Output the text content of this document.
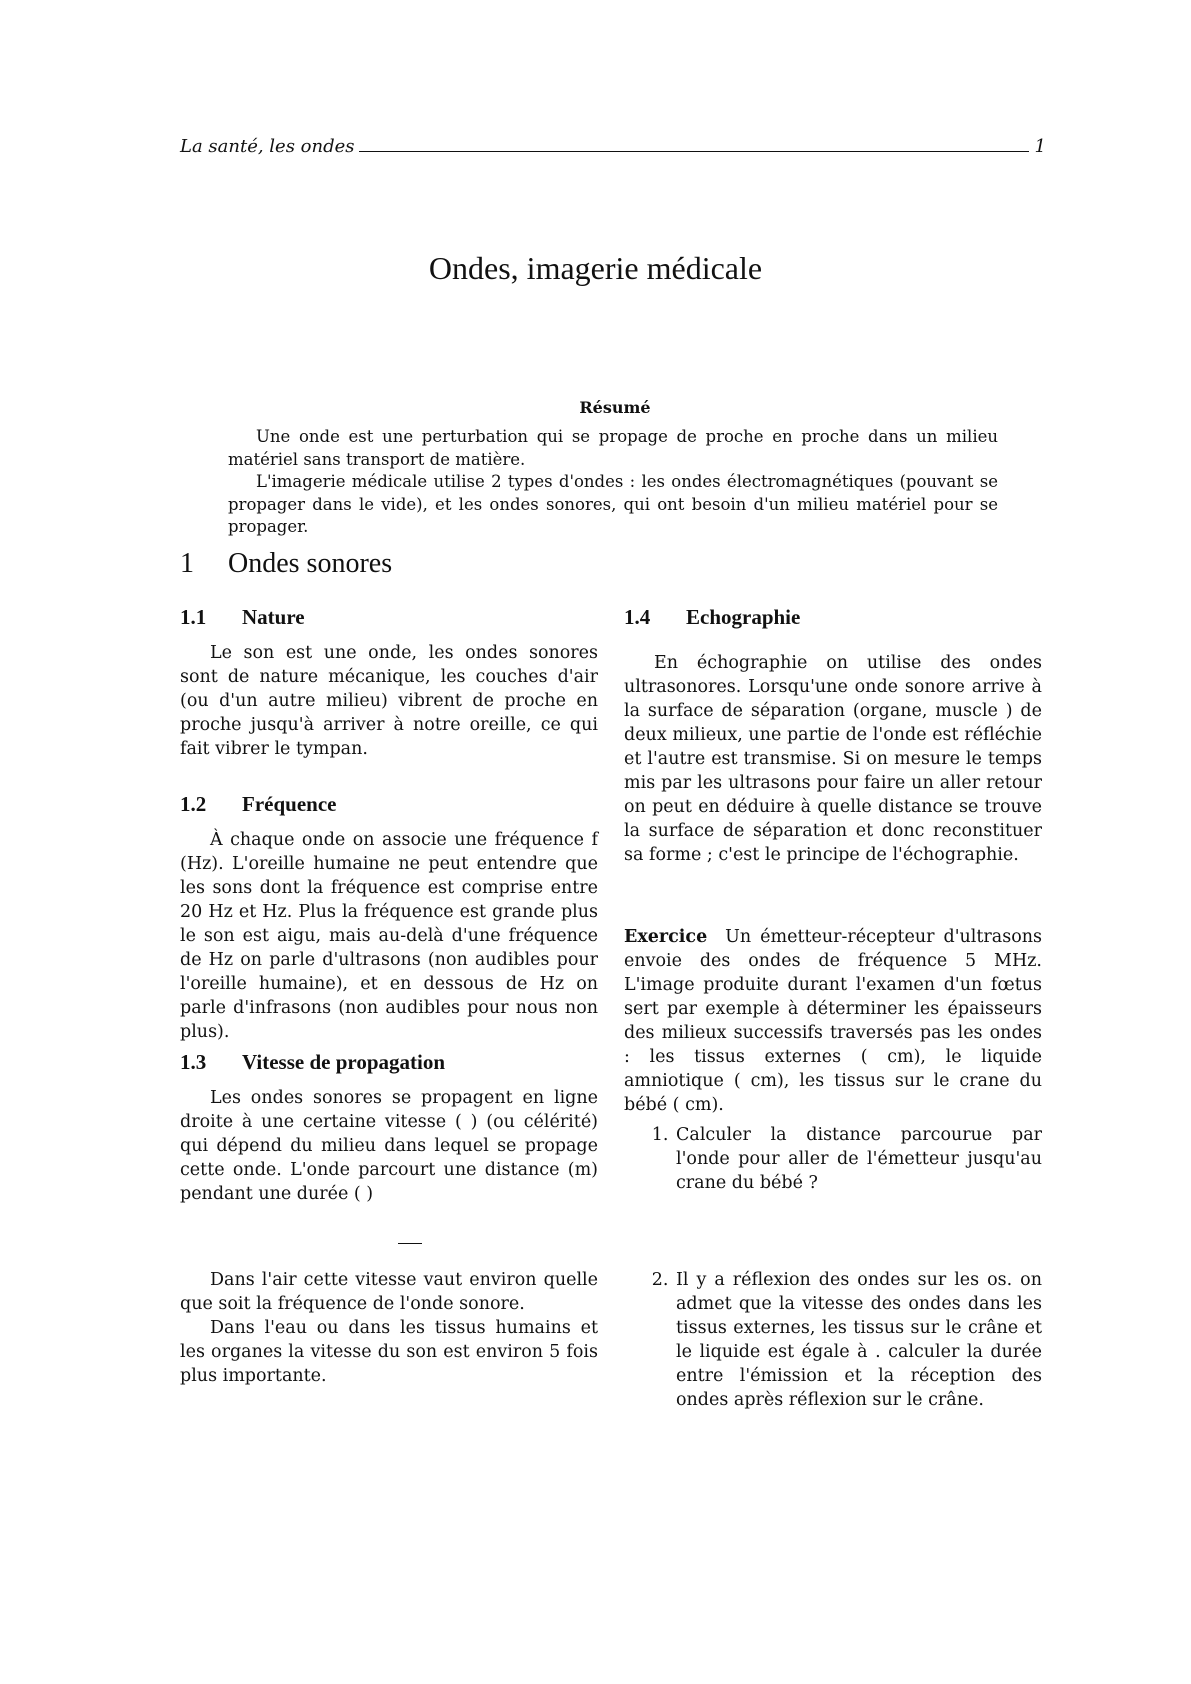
La santé, les ondes	1
Ondes, imagerie médicale
Résumé

Une onde est une perturbation qui se propage de proche en proche dans un milieu matériel sans transport de matière.

L'imagerie médicale utilise 2 types d'ondes : les ondes électromagnétiques (pouvant se propager dans le vide), et les ondes sonores, qui ont besoin d'un milieu matériel pour se propager.

1 Ondes sonores
1.1 Nature

Le son est une onde, les ondes sonores sont de nature mécanique, les couches d'air (ou d'un autre milieu) vibrent de proche en proche jusqu'à arriver à notre oreille, ce qui fait vibrer le tympan.

1.2 Fréquence

À chaque onde on associe une fréquence f (Hz). L'oreille humaine ne peut entendre que les sons dont la fréquence est comprise entre 20 Hz et Hz. Plus la fréquence est grande plus le son est aigu, mais au-delà d'une fréquence de Hz on parle d'ultrasons (non audibles pour l'oreille humaine), et en dessous de Hz on parle d'infrasons (non audibles pour nous non plus).

1.3 Vitesse de propagation

Les ondes sonores se propagent en ligne droite à une certaine vitesse ( ) (ou célérité) qui dépend du milieu dans lequel se propage cette onde. L'onde parcourt une distance (m) pendant une durée ( )

Dans l'air cette vitesse vaut environ quelle que soit la fréquence de l'onde sonore.

Dans l'eau ou dans les tissus humains et les organes la vitesse du son est environ 5 fois plus importante.

1.4 Echographie

En échographie on utilise des ondes ultrasonores. Lorsqu'une onde sonore arrive à la surface de séparation (organe, muscle ) de deux milieux, une partie de l'onde est réfléchie et l'autre est transmise. Si on mesure le temps mis par les ultrasons pour faire un aller retour on peut en déduire à quelle distance se trouve la surface de séparation et donc reconstituer sa forme ; c'est le principe de l'échographie.

Exercice Un émetteur-récepteur d'ultrasons envoie des ondes de fréquence 5 MHz. L'image produite durant l'examen d'un fœtus sert par exemple à déterminer les épaisseurs des milieux successifs traversés pas les ondes : les tissus externes ( cm), le liquide amniotique ( cm), les tissus sur le crane du bébé ( cm).

1. Calculer la distance parcourue par l'onde pour aller de l'émetteur jusqu'au crane du bébé ?
2. Il y a réflexion des ondes sur les os. on admet que la vitesse des ondes dans les tissus externes, les tissus sur le crâne et le liquide est égale à . calculer la durée entre l'émission et la réception des ondes après réflexion sur le crâne.
